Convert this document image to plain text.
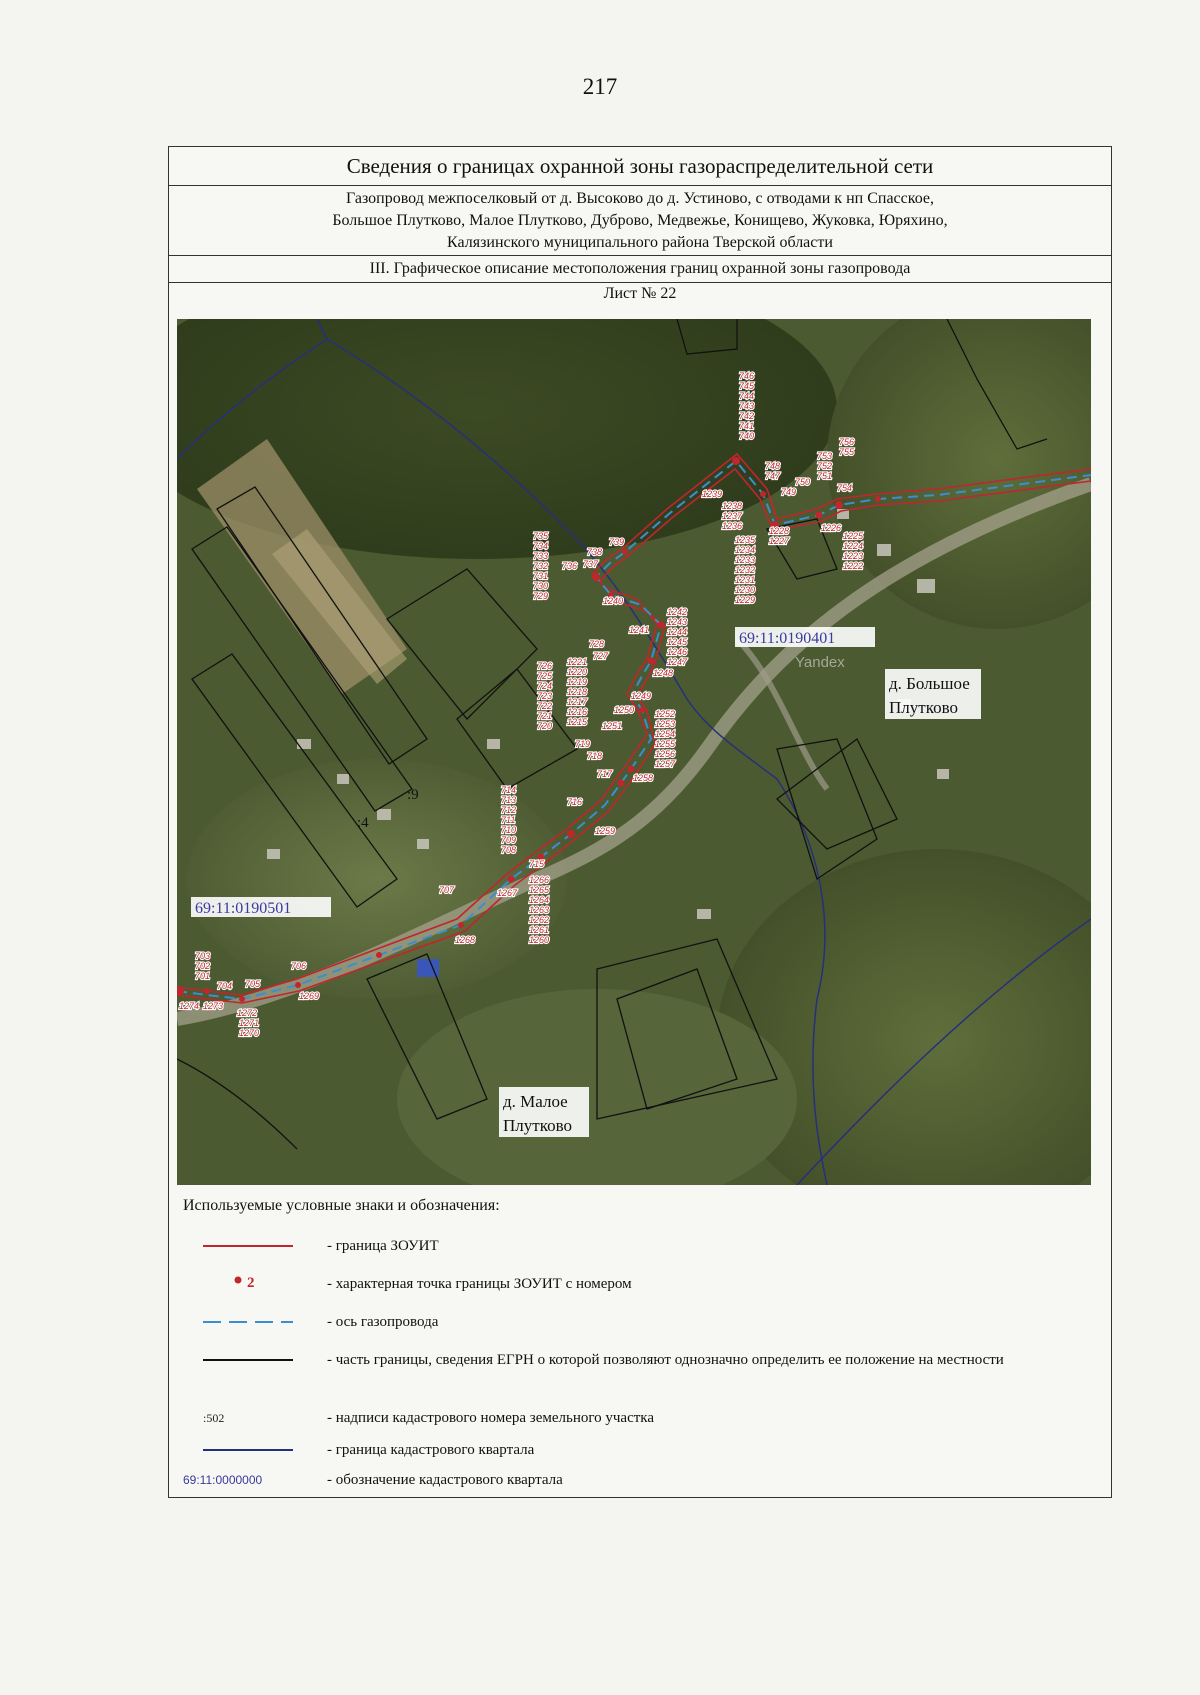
217
Сведения о границах охранной зоны газораспределительной сети
Газопровод межпоселковый от д. Высоково до д. Устиново, с отводами к нп Спасское,
Большое Плутково, Малое Плутково, Дуброво, Медвежье, Конищево, Жуковка, Юряхино,
Калязинского муниципального района Тверской области
III. Графическое описание местоположения границ охранной зоны газопровода
Лист № 22
1274 1273
1272
1271
1270
1269
1268
1267
1266
1265
1264
1263
1262
1261
1260
1259
1258
1257
1256
1255
1254
1253
1252
1251
1250
1249
1248
1247
1246
1245
1244
1243
1242
1241
1240
1239
1238
1237
1236
1235
1234
1233
1232
1231
1230
1229
1228
1227
1226
1225
1224
1223
1222
1221
1220
1219
1218
1217
1216
1215
701
702
703
704 705
706
707
708
709
710
711
712
713
714
715
716
717
718
719
720
721
722
723
724
725
726
727
728
729
730
731
732
733
734
735
736 737
738
739
740
741
742
743
744
745
746
747
748
749
750
751
752
753
754
755
756
69:11:0190401
Yandex
69:11:0190501
:9
:4
д. Большое
Плутково
д. Малое
Плутково
Используемые условные знаки и обозначения:
- граница ЗОУИТ
2	- характерная точка границы ЗОУИТ с номером
- ось газопровода
- часть границы, сведения ЕГРН о которой позволяют однозначно определить ее положение на местности
:502	- надписи кадастрового номера земельного участка
- граница кадастрового квартала
69:11:0000000	- обозначение кадастрового квартала
